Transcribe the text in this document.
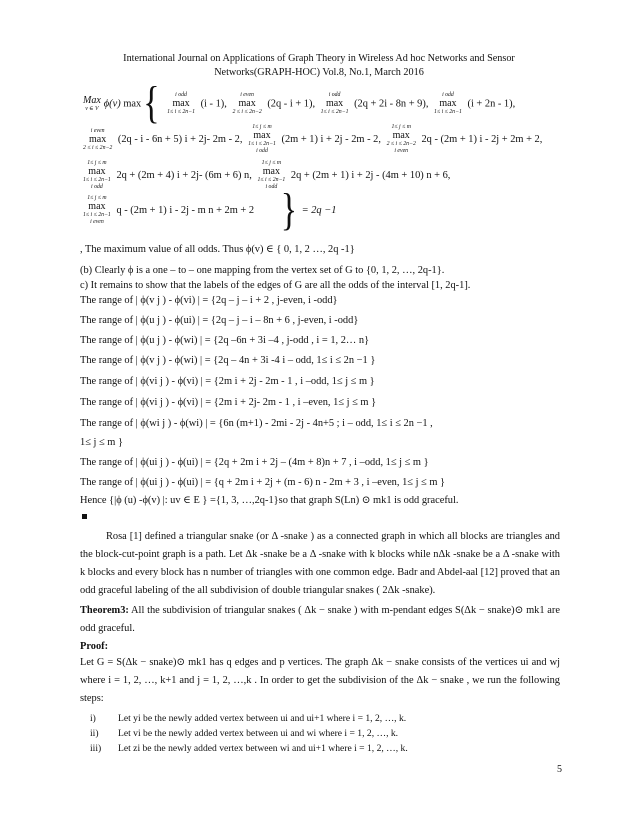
International Journal on Applications of Graph Theory in Wireless Ad hoc Networks and Sensor
Networks(GRAPH-HOC) Vol.8, No.1, March 2016
Max
v ∈ V ϕ(v) max{	i odd
max
1≤ i ≤ 2n−1
(i - 1),
i even
max
2 ≤ i ≤ 2n−2
(2q - i + 1),
i odd
max
1≤ i ≤ 2n−1
(2q + 2i - 8n + 9),
i odd
max
1≤ i ≤ 2n−1
(i + 2n - 1),
i even
max
2 ≤ i ≤ 2n−2
(2q - i - 6n + 5) i + 2j- 2m - 2,
1≤ j ≤ m
max
1≤ i ≤ 2n−1
i odd
(2m + 1) i + 2j - 2m - 2,
1≤ j ≤ m
max
2 ≤ i ≤ 2n−2
i even
2q - (2m + 1) i - 2j + 2m + 2,
1≤ j ≤ m
max
1≤ i ≤ 2n−1
i odd
2q + (2m + 4) i + 2j- (6m + 6) n,
1≤ j ≤ m
max
1≤ i ≤ 2n−1
i odd
2q + (2m + 1) i + 2j - (4m + 10) n + 6,
1≤ j ≤ m
max
1≤ i ≤ 2n−1
i even
q - (2m + 1) i - 2j - m n + 2m + 2 } = 2q −1
, The maximum value of all odds. Thus ϕ(v) ∈ { 0, 1, 2 …, 2q -1}
(b) Clearly ϕ is a one – to – one mapping from the vertex set of G to {0, 1, 2, …, 2q-1}.
c) It remains to show that the labels of the edges of G are all the odds of the interval [1, 2q-1].
The range of | ϕ(v j ) - ϕ(vi) | = {2q – j – i + 2 , j-even, i -odd}
The range of | ϕ(u j ) - ϕ(ui) | = {2q – j – i – 8n + 6 , j-even, i -odd}
The range of | ϕ(u j ) - ϕ(wi) | = {2q –6n + 3i –4 , j-odd , i = 1, 2… n}
The range of | ϕ(v j ) - ϕ(wi) | = {2q – 4n + 3i -4 i – odd, 1≤ i ≤ 2n −1 }
The range of | ϕ(vi j ) - ϕ(vi) | = {2m i + 2j - 2m - 1 , i –odd, 1≤ j ≤ m }
The range of | ϕ(vi j ) - ϕ(vi) | = {2m i + 2j- 2m - 1 , i –even, 1≤ j ≤ m }
The range of | ϕ(wi j ) - ϕ(wi) | = {6n (m+1) - 2mi - 2j - 4n+5 ; i – odd, 1≤ i ≤ 2n −1 ,
1≤ j ≤ m }
The range of | ϕ(ui j ) - ϕ(ui) | = {2q + 2m i + 2j – (4m + 8)n + 7 , i –odd, 1≤ j ≤ m }
The range of | ϕ(ui j ) - ϕ(ui) | = {q + 2m i + 2j + (m - 6) n - 2m + 3 , i –even, 1≤ j ≤ m }
Hence {|ϕ (u) -ϕ(v) |: uv ∈ E } ={1, 3, …,2q-1}so that graph S(Ln) ⊙ mk1 is odd graceful.
Rosa [1] defined a triangular snake (or Δ -snake ) as a connected graph in which all blocks are triangles and the block-cut-point graph is a path. Let Δk -snake be a Δ -snake with k blocks while nΔk -snake be a Δ -snake with k blocks and every block has n number of triangles with one common edge. Badr and Abdel-aal [12] proved that an odd graceful labeling of the all subdivision of double triangular snakes ( 2Δk -snake).
Theorem3: All the subdivision of triangular snakes ( Δk − snake ) with m-pendant edges S(Δk − snake)⊙ mk1 are odd graceful.
Proof:
Let G = S(Δk − snake)⊙ mk1 has q edges and p vertices. The graph Δk − snake consists of the vertices ui and wj where i = 1, 2, …, k+1 and j = 1, 2, …,k . In order to get the subdivision of the Δk − snake , we run the following steps:
i) Let yi be the newly added vertex between ui and ui+1 where i = 1, 2, …, k.
ii) Let vi be the newly added vertex between ui and wi where i = 1, 2, …, k.
iii) Let zi be the newly added vertex between wi and ui+1 where i = 1, 2, …, k.
5
